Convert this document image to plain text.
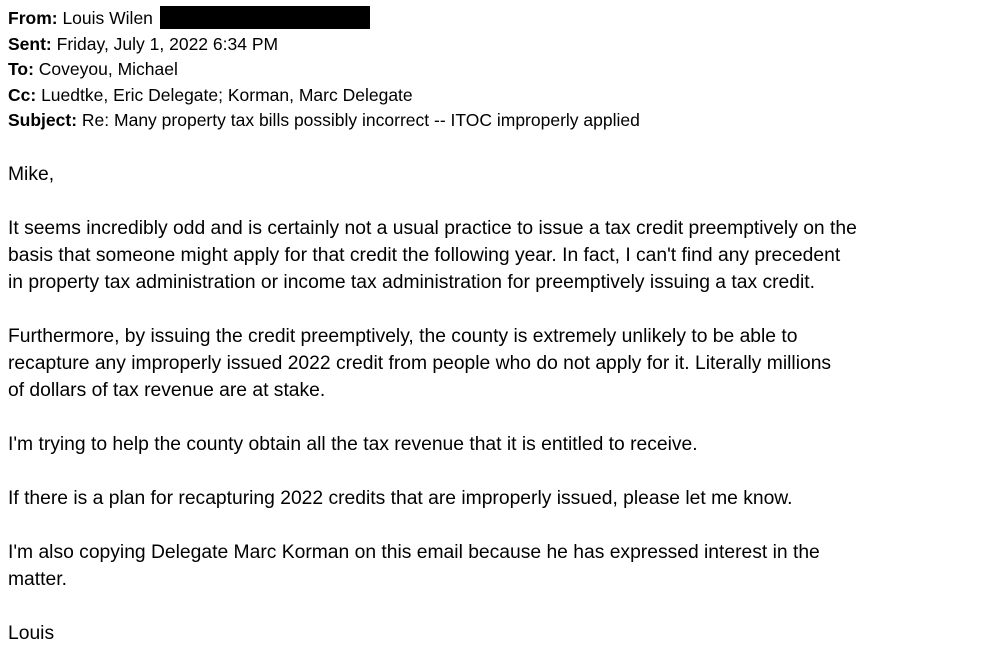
From: Louis Wilen
Sent: Friday, July 1, 2022 6:34 PM
To: Coveyou, Michael
Cc: Luedtke, Eric Delegate; Korman, Marc Delegate
Subject: Re: Many property tax bills possibly incorrect -- ITOC improperly applied

Mike,

It seems incredibly odd and is certainly not a usual practice to issue a tax credit preemptively on the
basis that someone might apply for that credit the following year. In fact, I can't find any precedent
in property tax administration or income tax administration for preemptively issuing a tax credit.

Furthermore, by issuing the credit preemptively, the county is extremely unlikely to be able to
recapture any improperly issued 2022 credit from people who do not apply for it. Literally millions
of dollars of tax revenue are at stake.

I'm trying to help the county obtain all the tax revenue that it is entitled to receive.

If there is a plan for recapturing 2022 credits that are improperly issued, please let me know.

I'm also copying Delegate Marc Korman on this email because he has expressed interest in the
matter.

Louis
